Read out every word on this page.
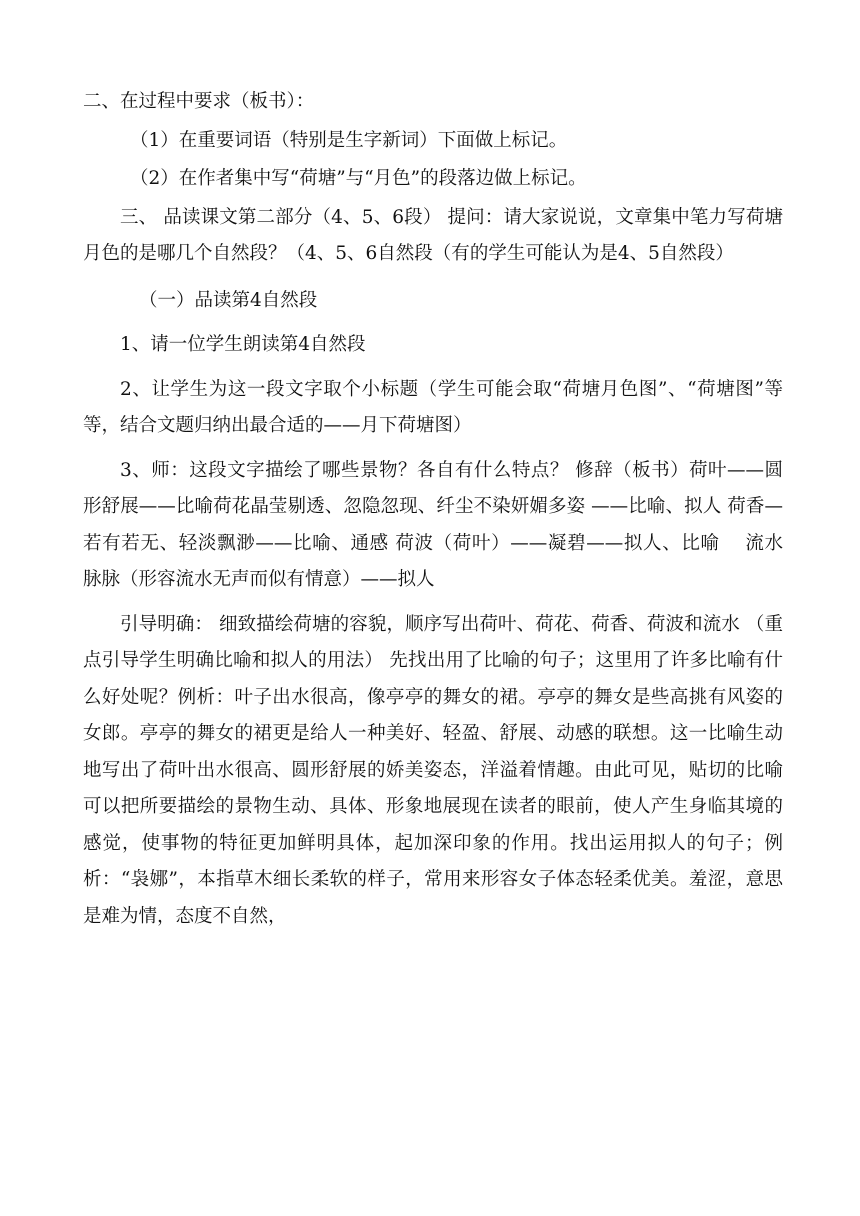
二、在过程中要求（板书）：

（1）在重要词语（特别是生字新词）下面做上标记。

（2）在作者集中写“荷塘”与“月色”的段落边做上标记。

三、 品读课文第二部分（4、5、6段） 提问：请大家说说，文章集中笔力写荷塘月色的是哪几个自然段？（4、5、6自然段（有的学生可能认为是4、5自然段）

（一）品读第4自然段

1、请一位学生朗读第4自然段

2、让学生为这一段文字取个小标题（学生可能会取“荷塘月色图”、“荷塘图”等等，结合文题归纳出最合适的——月下荷塘图）

3、师：这段文字描绘了哪些景物？各自有什么特点？ 修辞（板书）荷叶——圆形舒展——比喻荷花晶莹剔透、忽隐忽现、纤尘不染妍媚多姿 ——比喻、拟人 荷香—若有若无、轻淡飘渺——比喻、通感 荷波（荷叶）——凝碧——拟人、比喻　 流水 脉脉（形容流水无声而似有情意）——拟人

引导明确： 细致描绘荷塘的容貌，顺序写出荷叶、荷花、荷香、荷波和流水 （重点引导学生明确比喻和拟人的用法） 先找出用了比喻的句子；这里用了许多比喻有什么好处呢？例析：叶子出水很高，像亭亭的舞女的裙。亭亭的舞女是些高挑有风姿的女郎。亭亭的舞女的裙更是给人一种美好、轻盈、舒展、动感的联想。这一比喻生动地写出了荷叶出水很高、圆形舒展的娇美姿态，洋溢着情趣。由此可见，贴切的比喻可以把所要描绘的景物生动、具体、形象地展现在读者的眼前，使人产生身临其境的感觉，使事物的特征更加鲜明具体，起加深印象的作用。找出运用拟人的句子；例析：“袅娜”，本指草木细长柔软的样子，常用来形容女子体态轻柔优美。羞涩，意思是难为情，态度不自然，
